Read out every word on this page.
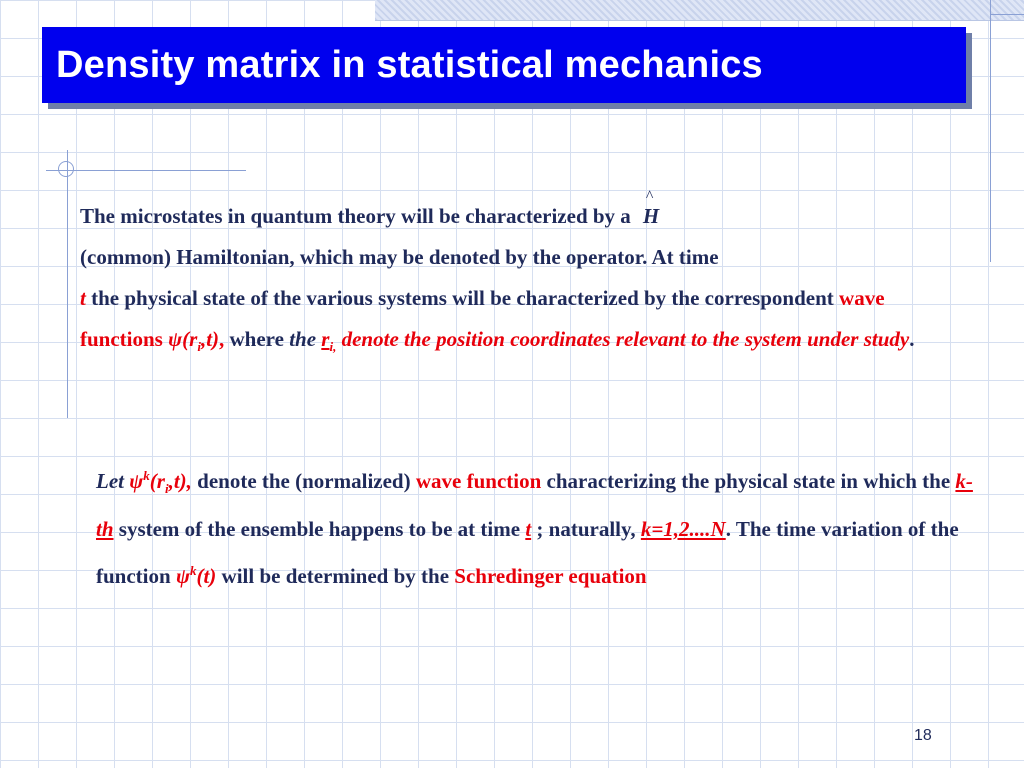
Density matrix in statistical mechanics
The microstates in quantum theory will be characterized by a
^
H
(common) Hamiltonian, which may be denoted by the operator. At time
t the physical state of the various systems will be characterized by the correspondent wave functions $\psi(r_i,t)$, where the $r_{i,}$ denote the position coordinates relevant to the system under study.
Let $\psi^k(r_i,t)$, denote the (normalized) wave function characterizing the physical state in which the k-th system of the ensemble happens to be at time t ; naturally, k=1,2....N. The time variation of the function $\psi^k(t)$ will be determined by the Schredinger equation
18
